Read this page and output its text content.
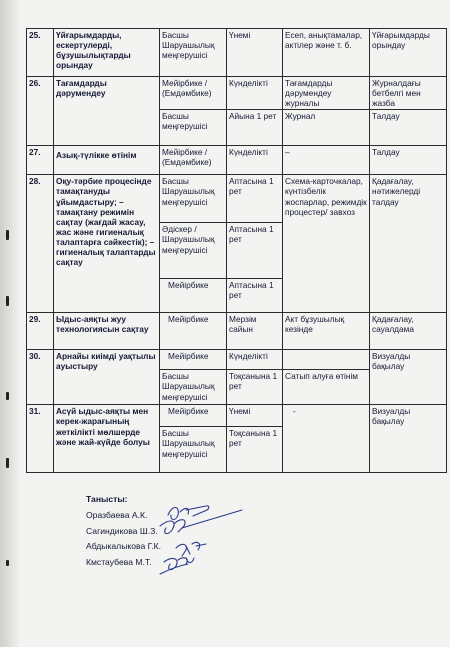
25.	Үйғарымдарды, ескертулерді, бұзушылықтарды орындау	Басшы Шаруашылық меңгерушісі	Үнемі	Есеп, анықтамалар, актілер және т. б.	Үйғарымдарды орындау
26.	Тағамдарды дәрумендеу	Мейірбике / (Емдәмбике)	Күнделікті	Тағамдарды дәрумендеу журналы	Журналдағы бетбелгі мен жазба
		Басшы меңгерушісі	Айына 1 рет	Журнал	Талдау
27.	Азық-түлікке өтінім	Мейірбике / (Емдәмбике)	Күнделікті	–	Талдау
28.	Оқу-тәрбие процесінде тамақтануды ұйымдастыру; – тамақтану режимін сақтау (жағдай жасау, жас және гигиеналық талаптарға сәйкестік); – гигиеналық талаптарды сақтау	Басшы Шаруашылық меңгерушісі	Аптасына 1 рет	Схема-карточкалар, күнтізбелік жоспарлар, режимдік процестер/ завхоз	Қадағалау, нәтижелерді талдау
		Әдіскер / Шаруашылық меңгерушісі	Аптасына 1 рет		
		Мейірбике	Аптасына 1 рет		
29.	Ыдыс-аяқты жуу технологиясын сақтау	Мейірбике	Мерзім сайын	Акт бұзушылық кезінде	Қадағалау, сауалдама
30.	Арнайы киімді уақтылы ауыстыру	Мейірбике	Күнделікті		Визуалды бақылау
		Басшы Шаруашылық меңгерушісі	Тоқсанына 1 рет	Сатып алуға өтінім	
31.	Асүй ыдыс-аяқты мен керек-жарағының жеткілікті мөлшерде және жай-күйде болуы	Мейірбике	Үнемі	-	Визуалды бақылау
		Басшы Шаруашылық меңгерушісі	Тоқсанына 1 рет		
Танысты:
Оразбаева А.К.
Сагиндикова Ш.З.
Абдыкалыкова Г.К.
Кмстаубева М.Т.
